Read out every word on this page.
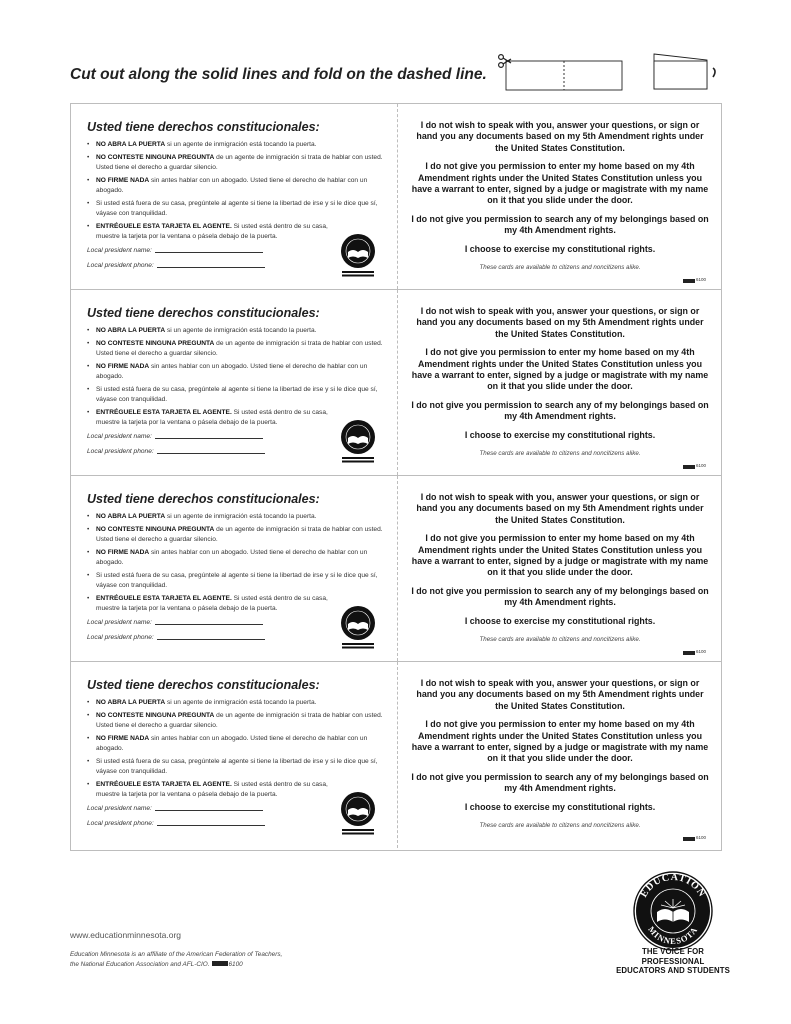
Cut out along the solid lines and fold on the dashed line.
Usted tiene derechos constitucionales:
• NO ABRA LA PUERTA si un agente de inmigración está tocando la puerta.
• NO CONTESTE NINGUNA PREGUNTA de un agente de inmigración si trata de hablar con usted. Usted tiene el derecho a guardar silencio.
• NO FIRME NADA sin antes hablar con un abogado. Usted tiene el derecho de hablar con un abogado.
• Si usted está fuera de su casa, pregúntele al agente si tiene la libertad de irse y si le dice que sí, váyase con tranquilidad.
• ENTRÉGUELE ESTA TARJETA EL AGENTE. Si usted está dentro de su casa, muestre la tarjeta por la ventana o pásela debajo de la puerta.
Local president name:
Local president phone:

I do not wish to speak with you, answer your questions, or sign or hand you any documents based on my 5th Amendment rights under the United States Constitution.

I do not give you permission to enter my home based on my 4th Amendment rights under the United States Constitution unless you have a warrant to enter, signed by a judge or magistrate with my name on it that you slide under the door.

I do not give you permission to search any of my belongings based on my 4th Amendment rights.

I choose to exercise my constitutional rights.

These cards are available to citizens and noncitizens alike.

6100
Usted tiene derechos constitucionales:
• NO ABRA LA PUERTA si un agente de inmigración está tocando la puerta.
• NO CONTESTE NINGUNA PREGUNTA de un agente de inmigración si trata de hablar con usted. Usted tiene el derecho a guardar silencio.
• NO FIRME NADA sin antes hablar con un abogado. Usted tiene el derecho de hablar con un abogado.
• Si usted está fuera de su casa, pregúntele al agente si tiene la libertad de irse y si le dice que sí, váyase con tranquilidad.
• ENTRÉGUELE ESTA TARJETA EL AGENTE. Si usted está dentro de su casa, muestre la tarjeta por la ventana o pásela debajo de la puerta.
Local president name:
Local president phone:

I do not wish to speak with you, answer your questions, or sign or hand you any documents based on my 5th Amendment rights under the United States Constitution.

I do not give you permission to enter my home based on my 4th Amendment rights under the United States Constitution unless you have a warrant to enter, signed by a judge or magistrate with my name on it that you slide under the door.

I do not give you permission to search any of my belongings based on my 4th Amendment rights.

I choose to exercise my constitutional rights.

These cards are available to citizens and noncitizens alike.

6100
Usted tiene derechos constitucionales:
• NO ABRA LA PUERTA si un agente de inmigración está tocando la puerta.
• NO CONTESTE NINGUNA PREGUNTA de un agente de inmigración si trata de hablar con usted. Usted tiene el derecho a guardar silencio.
• NO FIRME NADA sin antes hablar con un abogado. Usted tiene el derecho de hablar con un abogado.
• Si usted está fuera de su casa, pregúntele al agente si tiene la libertad de irse y si le dice que sí, váyase con tranquilidad.
• ENTRÉGUELE ESTA TARJETA EL AGENTE. Si usted está dentro de su casa, muestre la tarjeta por la ventana o pásela debajo de la puerta.
Local president name:
Local president phone:

I do not wish to speak with you, answer your questions, or sign or hand you any documents based on my 5th Amendment rights under the United States Constitution.

I do not give you permission to enter my home based on my 4th Amendment rights under the United States Constitution unless you have a warrant to enter, signed by a judge or magistrate with my name on it that you slide under the door.

I do not give you permission to search any of my belongings based on my 4th Amendment rights.

I choose to exercise my constitutional rights.

These cards are available to citizens and noncitizens alike.

6100
Usted tiene derechos constitucionales:
• NO ABRA LA PUERTA si un agente de inmigración está tocando la puerta.
• NO CONTESTE NINGUNA PREGUNTA de un agente de inmigración si trata de hablar con usted. Usted tiene el derecho a guardar silencio.
• NO FIRME NADA sin antes hablar con un abogado. Usted tiene el derecho de hablar con un abogado.
• Si usted está fuera de su casa, pregúntele al agente si tiene la libertad de irse y si le dice que sí, váyase con tranquilidad.
• ENTRÉGUELE ESTA TARJETA EL AGENTE. Si usted está dentro de su casa, muestre la tarjeta por la ventana o pásela debajo de la puerta.
Local president name:
Local president phone:

I do not wish to speak with you, answer your questions, or sign or hand you any documents based on my 5th Amendment rights under the United States Constitution.

I do not give you permission to enter my home based on my 4th Amendment rights under the United States Constitution unless you have a warrant to enter, signed by a judge or magistrate with my name on it that you slide under the door.

I do not give you permission to search any of my belongings based on my 4th Amendment rights.

I choose to exercise my constitutional rights.

These cards are available to citizens and noncitizens alike.

6100
www.educationminnesota.org
Education Minnesota is an affiliate of the American Federation of Teachers,
the National Education Association and AFL-CIO.	6100
EDUCATION
MINNESOTA
THE VOICE FOR PROFESSIONAL
EDUCATORS AND STUDENTS
